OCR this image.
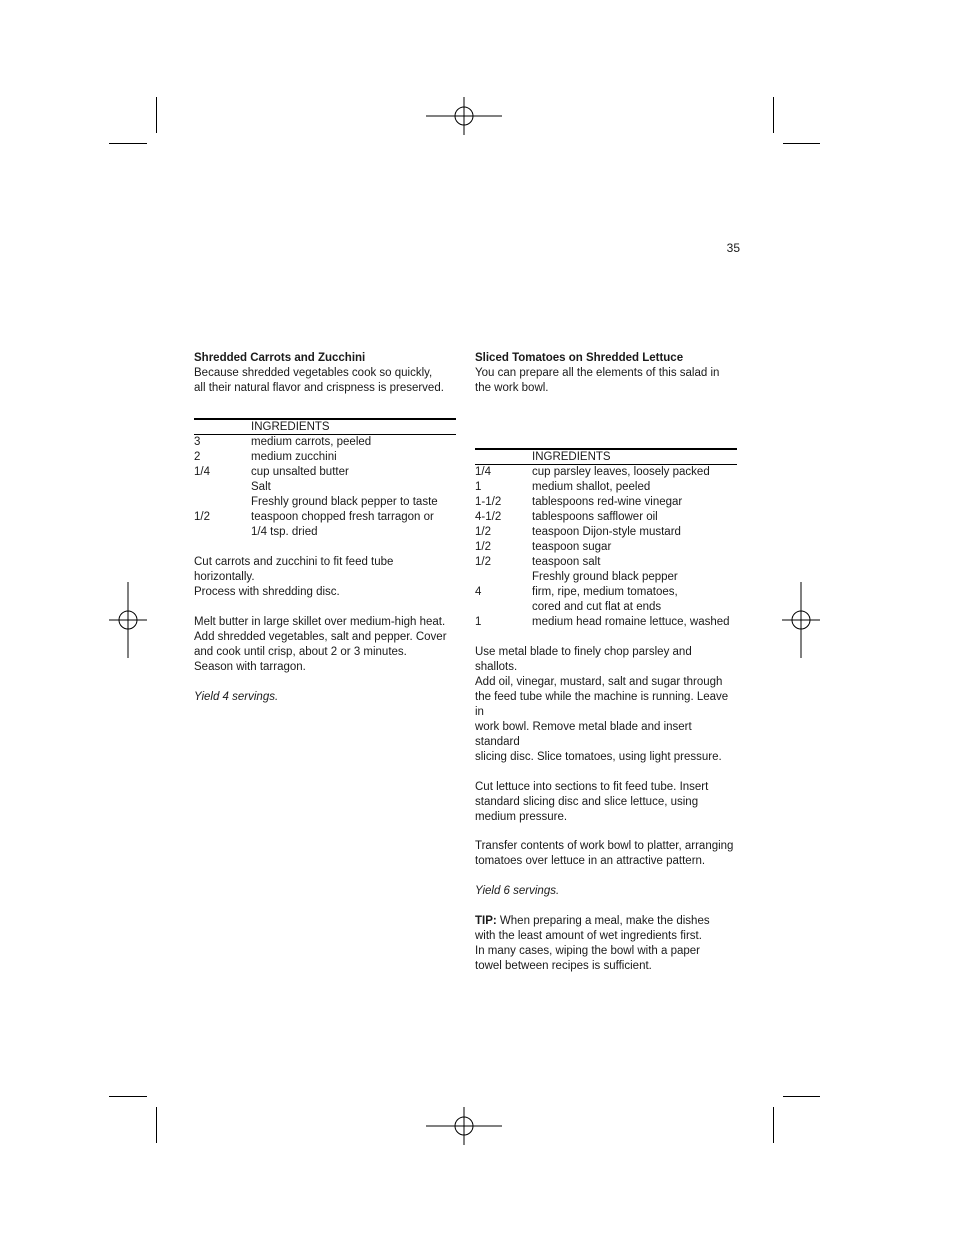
35
Shredded Carrots and Zucchini
Because shredded vegetables cook so quickly,
all their natural flavor and crispness is preserved.
INGREDIENTS
3	medium carrots, peeled
2	medium zucchini
1/4	cup unsalted butter
Salt
Freshly ground black pepper to taste
1/2	teaspoon chopped fresh tarragon or
1/4 tsp. dried
Cut carrots and zucchini to fit feed tube horizontally.
Process with shredding disc.
Melt butter in large skillet over medium-high heat.
Add shredded vegetables, salt and pepper. Cover
and cook until crisp, about 2 or 3 minutes.
Season with tarragon.
Yield 4 servings.
Sliced Tomatoes on Shredded Lettuce
You can prepare all the elements of this salad in
the work bowl.
INGREDIENTS
1/4	cup parsley leaves, loosely packed
1	medium shallot, peeled
1-1/2	tablespoons red-wine vinegar
4-1/2	tablespoons safflower oil
1/2	teaspoon Dijon-style mustard
1/2	teaspoon sugar
1/2	teaspoon salt
Freshly ground black pepper
4	firm, ripe, medium tomatoes,
cored and cut flat at ends
1	medium head romaine lettuce, washed
Use metal blade to finely chop parsley and shallots.
Add oil, vinegar, mustard, salt and sugar through
the feed tube while the machine is running. Leave in
work bowl. Remove metal blade and insert standard
slicing disc. Slice tomatoes, using light pressure.
Cut lettuce into sections to fit feed tube. Insert
standard slicing disc and slice lettuce, using
medium pressure.
Transfer contents of work bowl to platter, arranging
tomatoes over lettuce in an attractive pattern.
Yield 6 servings.
TIP: When preparing a meal, make the dishes
with the least amount of wet ingredients first.
In many cases, wiping the bowl with a paper
towel between recipes is sufficient.
